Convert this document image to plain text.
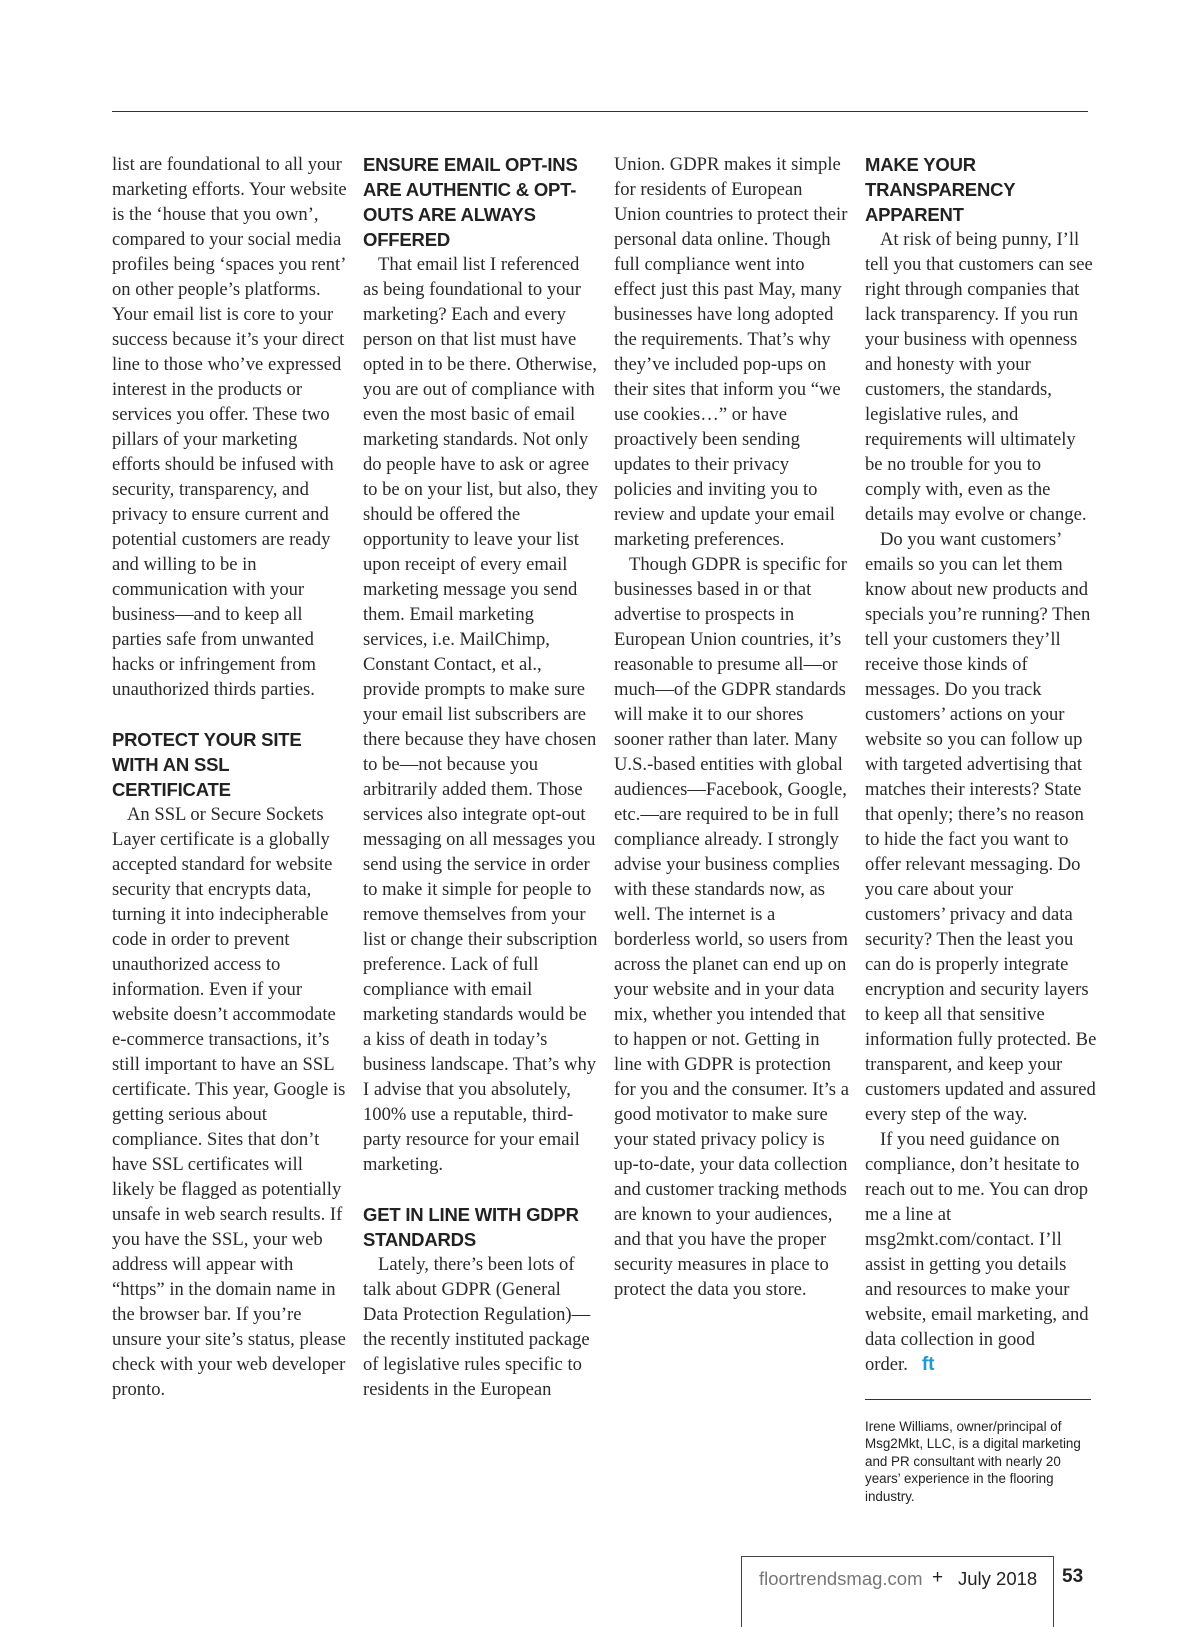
list are foundational to all your marketing efforts. Your website is the ‘house that you own’, compared to your social media profiles being ‘spaces you rent’ on other people’s platforms. Your email list is core to your success because it’s your direct line to those who’ve expressed interest in the products or services you offer. These two pillars of your marketing efforts should be infused with security, transparency, and privacy to ensure current and potential customers are ready and willing to be in communication with your business—and to keep all parties safe from unwanted hacks or infringement from unauthorized thirds parties.

PROTECT YOUR SITE WITH AN SSL CERTIFICATE

An SSL or Secure Sockets Layer certificate is a globally accepted standard for website security that encrypts data, turning it into indecipherable code in order to prevent unauthorized access to information. Even if your website doesn’t accommodate e-commerce transactions, it’s still important to have an SSL certificate. This year, Google is getting serious about compliance. Sites that don’t have SSL certificates will likely be flagged as potentially unsafe in web search results. If you have the SSL, your web address will appear with “https” in the domain name in the browser bar. If you’re unsure your site’s status, please check with your web developer pronto.

ENSURE EMAIL OPT-INS ARE AUTHENTIC & OPT-OUTS ARE ALWAYS OFFERED

That email list I referenced as being foundational to your marketing? Each and every person on that list must have opted in to be there. Otherwise, you are out of compliance with even the most basic of email marketing standards. Not only do people have to ask or agree to be on your list, but also, they should be offered the opportunity to leave your list upon receipt of every email marketing message you send them. Email marketing services, i.e. MailChimp, Constant Contact, et al., provide prompts to make sure your email list subscribers are there because they have chosen to be—not because you arbitrarily added them. Those services also integrate opt-out messaging on all messages you send using the service in order to make it simple for people to remove themselves from your list or change their subscription preference. Lack of full compliance with email marketing standards would be a kiss of death in today’s business landscape. That’s why I advise that you absolutely, 100% use a reputable, third-party resource for your email marketing.

GET IN LINE WITH GDPR STANDARDS

Lately, there’s been lots of talk about GDPR (General Data Protection Regulation)—the recently instituted package of legislative rules specific to residents in the European

Union. GDPR makes it simple for residents of European Union countries to protect their personal data online. Though full compliance went into effect just this past May, many businesses have long adopted the requirements. That’s why they’ve included pop-ups on their sites that inform you “we use cookies…” or have proactively been sending updates to their privacy policies and inviting you to review and update your email marketing preferences.

Though GDPR is specific for businesses based in or that advertise to prospects in European Union countries, it’s reasonable to presume all—or much—of the GDPR standards will make it to our shores sooner rather than later. Many U.S.-based entities with global audiences—Facebook, Google, etc.—are required to be in full compliance already. I strongly advise your business complies with these standards now, as well. The internet is a borderless world, so users from across the planet can end up on your website and in your data mix, whether you intended that to happen or not. Getting in line with GDPR is protection for you and the consumer. It’s a good motivator to make sure your stated privacy policy is up-to-date, your data collection and customer tracking methods are known to your audiences, and that you have the proper security measures in place to protect the data you store.

MAKE YOUR TRANSPARENCY APPARENT

At risk of being punny, I’ll tell you that customers can see right through companies that lack transparency. If you run your business with openness and honesty with your customers, the standards, legislative rules, and requirements will ultimately be no trouble for you to comply with, even as the details may evolve or change.

Do you want customers’ emails so you can let them know about new products and specials you’re running? Then tell your customers they’ll receive those kinds of messages. Do you track customers’ actions on your website so you can follow up with targeted advertising that matches their interests? State that openly; there’s no reason to hide the fact you want to offer relevant messaging. Do you care about your customers’ privacy and data security? Then the least you can do is properly integrate encryption and security layers to keep all that sensitive information fully protected. Be transparent, and keep your customers updated and assured every step of the way.

If you need guidance on compliance, don’t hesitate to reach out to me. You can drop me a line at msg2mkt.com/contact. I’ll assist in getting you details and resources to make your website, email marketing, and data collection in good order. ft

Irene Williams, owner/principal of Msg2Mkt, LLC, is a digital marketing and PR consultant with nearly 20 years’ experience in the flooring industry.
floortrendsmag.com + July 2018 53
